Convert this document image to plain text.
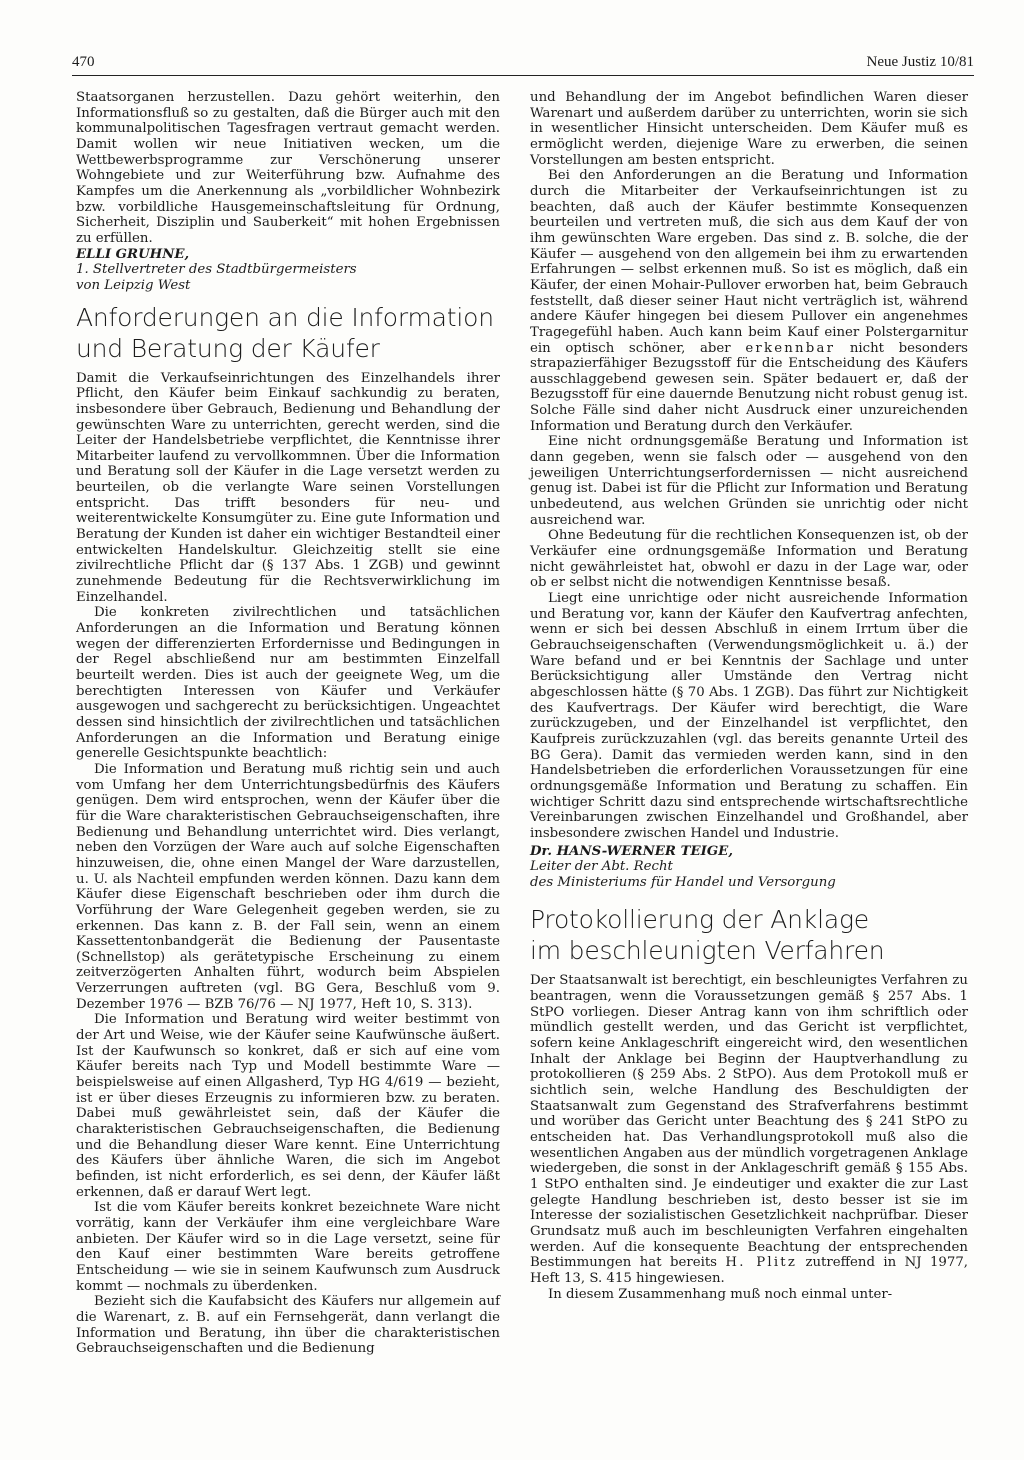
470	Neue Justiz 10/81

Staatsorganen herzustellen. Dazu gehört weiterhin, den Informationsfluß so zu gestalten, daß die Bürger auch mit den kommunalpolitischen Tagesfragen vertraut gemacht werden. Damit wollen wir neue Initiativen wecken, um die Wettbewerbsprogramme zur Verschönerung unserer Wohngebiete und zur Weiterführung bzw. Aufnahme des Kampfes um die Anerkennung als „vorbildlicher Wohnbezirk bzw. vorbildliche Hausgemeinschaftsleitung für Ordnung, Sicherheit, Disziplin und Sauberkeit“ mit hohen Ergebnissen zu erfüllen.

ELLI GRUHNE,
1. Stellvertreter des Stadtbürgermeisters
von Leipzig West
Anforderungen an die Information
und Beratung der Käufer

Damit die Verkaufseinrichtungen des Einzelhandels ihrer Pflicht, den Käufer beim Einkauf sachkundig zu beraten, insbesondere über Gebrauch, Bedienung und Behandlung der gewünschten Ware zu unterrichten, gerecht werden, sind die Leiter der Handelsbetriebe verpflichtet, die Kenntnisse ihrer Mitarbeiter laufend zu vervollkommnen. Über die Information und Beratung soll der Käufer in die Lage versetzt werden zu beurteilen, ob die verlangte Ware seinen Vorstellungen entspricht. Das trifft besonders für neu- und weiterentwickelte Konsumgüter zu. Eine gute Information und Beratung der Kunden ist daher ein wichtiger Bestandteil einer entwickelten Handelskultur. Gleichzeitig stellt sie eine zivilrechtliche Pflicht dar (§ 137 Abs. 1 ZGB) und gewinnt zunehmende Bedeutung für die Rechtsverwirklichung im Einzelhandel.

Die konkreten zivilrechtlichen und tatsächlichen Anforderungen an die Information und Beratung können wegen der differenzierten Erfordernisse und Bedingungen in der Regel abschließend nur am bestimmten Einzelfall beurteilt werden. Dies ist auch der geeignete Weg, um die berechtigten Interessen von Käufer und Verkäufer ausgewogen und sachgerecht zu berücksichtigen. Ungeachtet dessen sind hinsichtlich der zivilrechtlichen und tatsächlichen Anforderungen an die Information und Beratung einige generelle Gesichtspunkte beachtlich:

Die Information und Beratung muß richtig sein und auch vom Umfang her dem Unterrichtungsbedürfnis des Käufers genügen. Dem wird entsprochen, wenn der Käufer über die für die Ware charakteristischen Gebrauchseigenschaften, ihre Bedienung und Behandlung unterrichtet wird. Dies verlangt, neben den Vorzügen der Ware auch auf solche Eigenschaften hinzuweisen, die, ohne einen Mangel der Ware darzustellen, u. U. als Nachteil empfunden werden können. Dazu kann dem Käufer diese Eigenschaft beschrieben oder ihm durch die Vorführung der Ware Gelegenheit gegeben werden, sie zu erkennen. Das kann z. B. der Fall sein, wenn an einem Kassettentonbandgerät die Bedienung der Pausentaste (Schnellstop) als gerätetypische Erscheinung zu einem zeitverzögerten Anhalten führt, wodurch beim Abspielen Verzerrungen auftreten (vgl. BG Gera, Beschluß vom 9. Dezember 1976 — BZB 76/76 — NJ 1977, Heft 10, S. 313).

Die Information und Beratung wird weiter bestimmt von der Art und Weise, wie der Käufer seine Kaufwünsche äußert. Ist der Kaufwunsch so konkret, daß er sich auf eine vom Käufer bereits nach Typ und Modell bestimmte Ware — beispielsweise auf einen Allgasherd, Typ HG 4/619 — bezieht, ist er über dieses Erzeugnis zu informieren bzw. zu beraten. Dabei muß gewährleistet sein, daß der Käufer die charakteristischen Gebrauchseigenschaften, die Bedienung und die Behandlung dieser Ware kennt. Eine Unterrichtung des Käufers über ähnliche Waren, die sich im Angebot befinden, ist nicht erforderlich, es sei denn, der Käufer läßt erkennen, daß er darauf Wert legt.

Ist die vom Käufer bereits konkret bezeichnete Ware nicht vorrätig, kann der Verkäufer ihm eine vergleichbare Ware anbieten. Der Käufer wird so in die Lage versetzt, seine für den Kauf einer bestimmten Ware bereits getroffene Entscheidung — wie sie in seinem Kaufwunsch zum Ausdruck kommt — nochmals zu überdenken.

Bezieht sich die Kaufabsicht des Käufers nur allgemein auf die Warenart, z. B. auf ein Fernsehgerät, dann verlangt die Information und Beratung, ihn über die charakteristischen Gebrauchseigenschaften und die Bedienung

und Behandlung der im Angebot befindlichen Waren dieser Warenart und außerdem darüber zu unterrichten, worin sie sich in wesentlicher Hinsicht unterscheiden. Dem Käufer muß es ermöglicht werden, diejenige Ware zu erwerben, die seinen Vorstellungen am besten entspricht.

Bei den Anforderungen an die Beratung und Information durch die Mitarbeiter der Verkaufseinrichtungen ist zu beachten, daß auch der Käufer bestimmte Konsequenzen beurteilen und vertreten muß, die sich aus dem Kauf der von ihm gewünschten Ware ergeben. Das sind z. B. solche, die der Käufer — ausgehend von den allgemein bei ihm zu erwartenden Erfahrungen — selbst erkennen muß. So ist es möglich, daß ein Käufer, der einen Mohair-Pullover erworben hat, beim Gebrauch feststellt, daß dieser seiner Haut nicht verträglich ist, während andere Käufer hingegen bei diesem Pullover ein angenehmes Tragegefühl haben. Auch kann beim Kauf einer Polstergarnitur ein optisch schöner, aber erkennbar nicht besonders strapazierfähiger Bezugsstoff für die Entscheidung des Käufers ausschlaggebend gewesen sein. Später bedauert er, daß der Bezugsstoff für eine dauernde Benutzung nicht robust genug ist. Solche Fälle sind daher nicht Ausdruck einer unzureichenden Information und Beratung durch den Verkäufer.

Eine nicht ordnungsgemäße Beratung und Information ist dann gegeben, wenn sie falsch oder — ausgehend von den jeweiligen Unterrichtungserfordernissen — nicht ausreichend genug ist. Dabei ist für die Pflicht zur Information und Beratung unbedeutend, aus welchen Gründen sie unrichtig oder nicht ausreichend war.

Ohne Bedeutung für die rechtlichen Konsequenzen ist, ob der Verkäufer eine ordnungsgemäße Information und Beratung nicht gewährleistet hat, obwohl er dazu in der Lage war, oder ob er selbst nicht die notwendigen Kenntnisse besaß.

Liegt eine unrichtige oder nicht ausreichende Information und Beratung vor, kann der Käufer den Kaufvertrag anfechten, wenn er sich bei dessen Abschluß in einem Irrtum über die Gebrauchseigenschaften (Verwendungsmöglichkeit u. ä.) der Ware befand und er bei Kenntnis der Sachlage und unter Berücksichtigung aller Umstände den Vertrag nicht abgeschlossen hätte (§ 70 Abs. 1 ZGB). Das führt zur Nichtigkeit des Kaufvertrags. Der Käufer wird berechtigt, die Ware zurückzugeben, und der Einzelhandel ist verpflichtet, den Kaufpreis zurückzuzahlen (vgl. das bereits genannte Urteil des BG Gera). Damit das vermieden werden kann, sind in den Handelsbetrieben die erforderlichen Voraussetzungen für eine ordnungsgemäße Information und Beratung zu schaffen. Ein wichtiger Schritt dazu sind entsprechende wirtschaftsrechtliche Vereinbarungen zwischen Einzelhandel und Großhandel, aber insbesondere zwischen Handel und Industrie.

Dr. HANS-WERNER TEIGE,
Leiter der Abt. Recht
des Ministeriums für Handel und Versorgung
Protokollierung der Anklage
im beschleunigten Verfahren

Der Staatsanwalt ist berechtigt, ein beschleunigtes Verfahren zu beantragen, wenn die Voraussetzungen gemäß § 257 Abs. 1 StPO vorliegen. Dieser Antrag kann von ihm schriftlich oder mündlich gestellt werden, und das Gericht ist verpflichtet, sofern keine Anklageschrift eingereicht wird, den wesentlichen Inhalt der Anklage bei Beginn der Hauptverhandlung zu protokollieren (§ 259 Abs. 2 StPO). Aus dem Protokoll muß er sichtlich sein, welche Handlung des Beschuldigten der Staatsanwalt zum Gegenstand des Strafverfahrens bestimmt und worüber das Gericht unter Beachtung des § 241 StPO zu entscheiden hat. Das Verhandlungsprotokoll muß also die wesentlichen Angaben aus der mündlich vorgetragenen Anklage wiedergeben, die sonst in der Anklageschrift gemäß § 155 Abs. 1 StPO enthalten sind. Je eindeutiger und exakter die zur Last gelegte Handlung beschrieben ist, desto besser ist sie im Interesse der sozialistischen Gesetzlichkeit nachprüfbar. Dieser Grundsatz muß auch im beschleunigten Verfahren eingehalten werden. Auf die konsequente Beachtung der entsprechenden Bestimmungen hat bereits H. Plitz zutreffend in NJ 1977, Heft 13, S. 415 hingewiesen.

In diesem Zusammenhang muß noch einmal unter-
